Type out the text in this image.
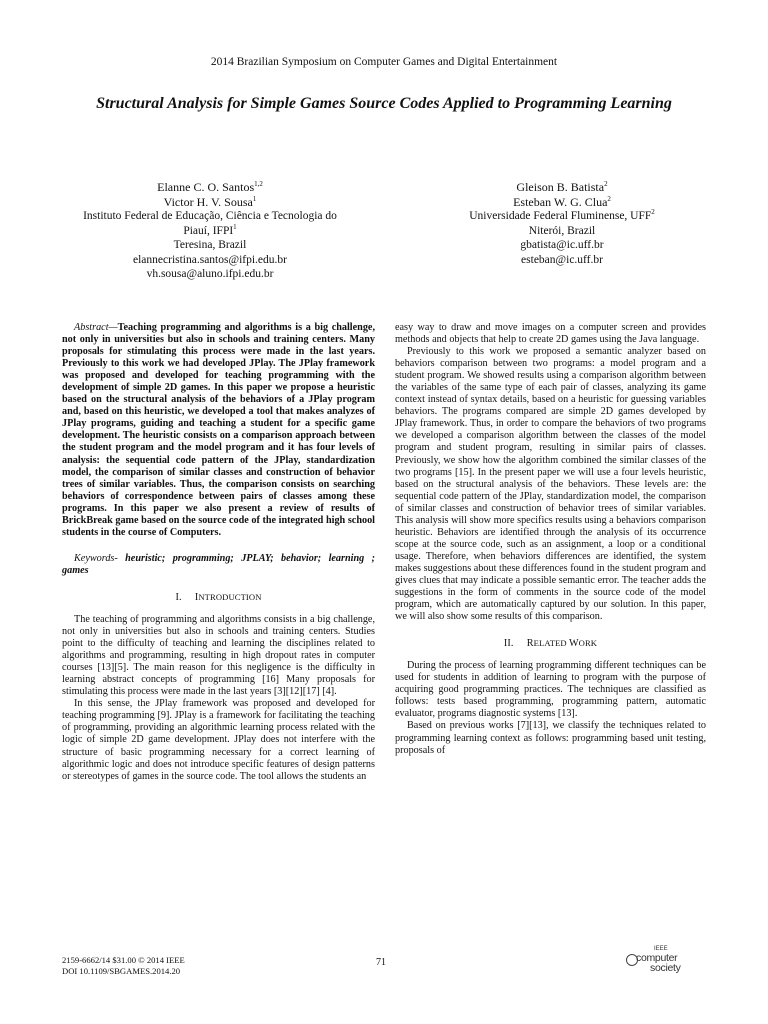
2014 Brazilian Symposium on Computer Games and Digital Entertainment
Structural Analysis for Simple Games Source Codes Applied to Programming Learning
Elanne C. O. Santos$^{1,2}$
Victor H. V. Sousa$^1$
Instituto Federal de Educação, Ciência e Tecnologia do
Piauí, IFPI$^1$
Teresina, Brazil
elannecristina.santos@ifpi.edu.br
vh.sousa@aluno.ifpi.edu.br
Gleison B. Batista$^2$
Esteban W. G. Clua$^2$
Universidade Federal Fluminense, UFF$^2$
Niterói, Brazil
gbatista@ic.uff.br
esteban@ic.uff.br

Abstract—Teaching programming and algorithms is a big challenge, not only in universities but also in schools and training centers. Many proposals for stimulating this process were made in the last years. Previously to this work we had developed JPlay. The JPlay framework was proposed and developed for teaching programming with the development of simple 2D games. In this paper we propose a heuristic based on the structural analysis of the behaviors of a JPlay program and, based on this heuristic, we developed a tool that makes analyzes of JPlay programs, guiding and teaching a student for a specific game development. The heuristic consists on a comparison approach between the student program and the model program and it has four levels of analysis: the sequential code pattern of the JPlay, standardization model, the comparison of similar classes and construction of behavior trees of similar variables. Thus, the comparison consists on searching behaviors of correspondence between pairs of classes among these programs. In this paper we also present a review of results of BrickBreak game based on the source code of the integrated high school students in the course of Computers.

Keywords- heuristic; programming; JPLAY; behavior; learning ; games

I. INTRODUCTION

The teaching of programming and algorithms consists in a big challenge, not only in universities but also in schools and training centers. Studies point to the difficulty of teaching and learning the disciplines related to algorithms and programming, resulting in high dropout rates in computer courses [13][5]. The main reason for this negligence is the difficulty in learning abstract concepts of programming [16] Many proposals for stimulating this process were made in the last years [3][12][17] [4].

In this sense, the JPlay framework was proposed and developed for teaching programming [9]. JPlay is a framework for facilitating the teaching of programming, providing an algorithmic learning process related with the logic of simple 2D game development. JPlay does not interfere with the structure of basic programming necessary for a correct learning of algorithmic logic and does not introduce specific features of design patterns or stereotypes of games in the source code. The tool allows the students an

easy way to draw and move images on a computer screen and provides methods and objects that help to create 2D games using the Java language.

Previously to this work we proposed a semantic analyzer based on behaviors comparison between two programs: a model program and a student program. We showed results using a comparison algorithm between the variables of the same type of each pair of classes, analyzing its game context instead of syntax details, based on a heuristic for guessing variables behaviors. The programs compared are simple 2D games developed by JPlay framework. Thus, in order to compare the behaviors of two programs we developed a comparison algorithm between the classes of the model program and student program, resulting in similar pairs of classes. Previously, we show how the algorithm combined the similar classes of the two programs [15]. In the present paper we will use a four levels heuristic, based on the structural analysis of the behaviors. These levels are: the sequential code pattern of the JPlay, standardization model, the comparison of similar classes and construction of behavior trees of similar variables. This analysis will show more specifics results using a behaviors comparison heuristic. Behaviors are identified through the analysis of its occurrence scope at the source code, such as an assignment, a loop or a conditional usage. Therefore, when behaviors differences are identified, the system makes suggestions about these differences found in the student program and gives clues that may indicate a possible semantic error. The teacher adds the suggestions in the form of comments in the source code of the model program, which are automatically captured by our solution. In this paper, we will also show some results of this comparison.

II. RELATED WORK

During the process of learning programming different techniques can be used for students in addition of learning to program with the purpose of acquiring good programming practices. The techniques are classified as follows: tests based programming, programming pattern, automatic evaluator, programs diagnostic systems [13].

Based on previous works [7][13], we classify the techniques related to programming learning context as follows: programming based unit testing, proposals of

2159-6662/14 $31.00 © 2014 IEEE
DOI 10.1109/SBGAMES.2014.20
71
IEEE
computer
society
